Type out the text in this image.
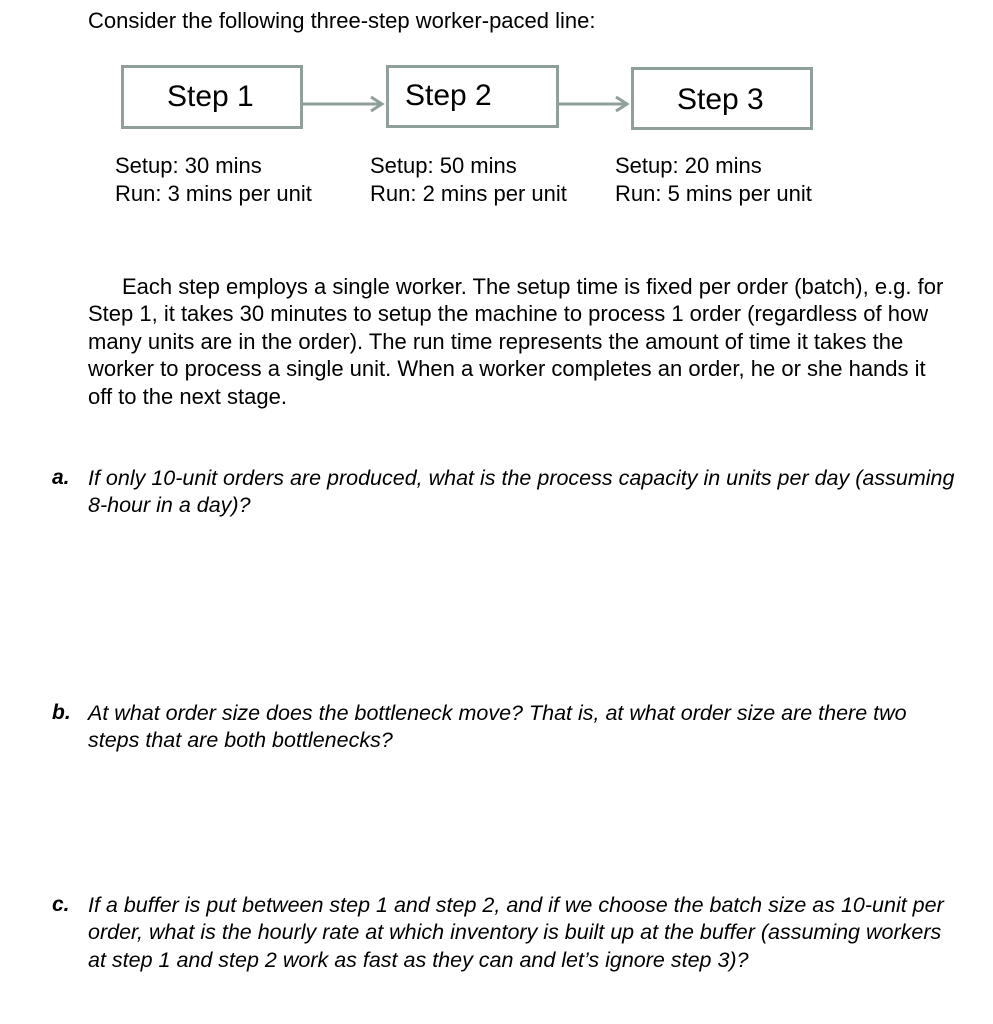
Consider the following three-step worker-paced line:
Step 1	Step 2	Step 3
Setup: 30 mins
Run: 3 mins per unit
Setup: 50 mins
Run: 2 mins per unit
Setup: 20 mins
Run: 5 mins per unit
Each step employs a single worker. The setup time is fixed per order (batch), e.g. for Step 1, it takes 30 minutes to setup the machine to process 1 order (regardless of how many units are in the order). The run time represents the amount of time it takes the worker to process a single unit. When a worker completes an order, he or she hands it off to the next stage.
a. If only 10-unit orders are produced, what is the process capacity in units per day (assuming 8-hour in a day)?
b. At what order size does the bottleneck move? That is, at what order size are there two steps that are both bottlenecks?
c. If a buffer is put between step 1 and step 2, and if we choose the batch size as 10-unit per order, what is the hourly rate at which inventory is built up at the buffer (assuming workers at step 1 and step 2 work as fast as they can and let’s ignore step 3)?
